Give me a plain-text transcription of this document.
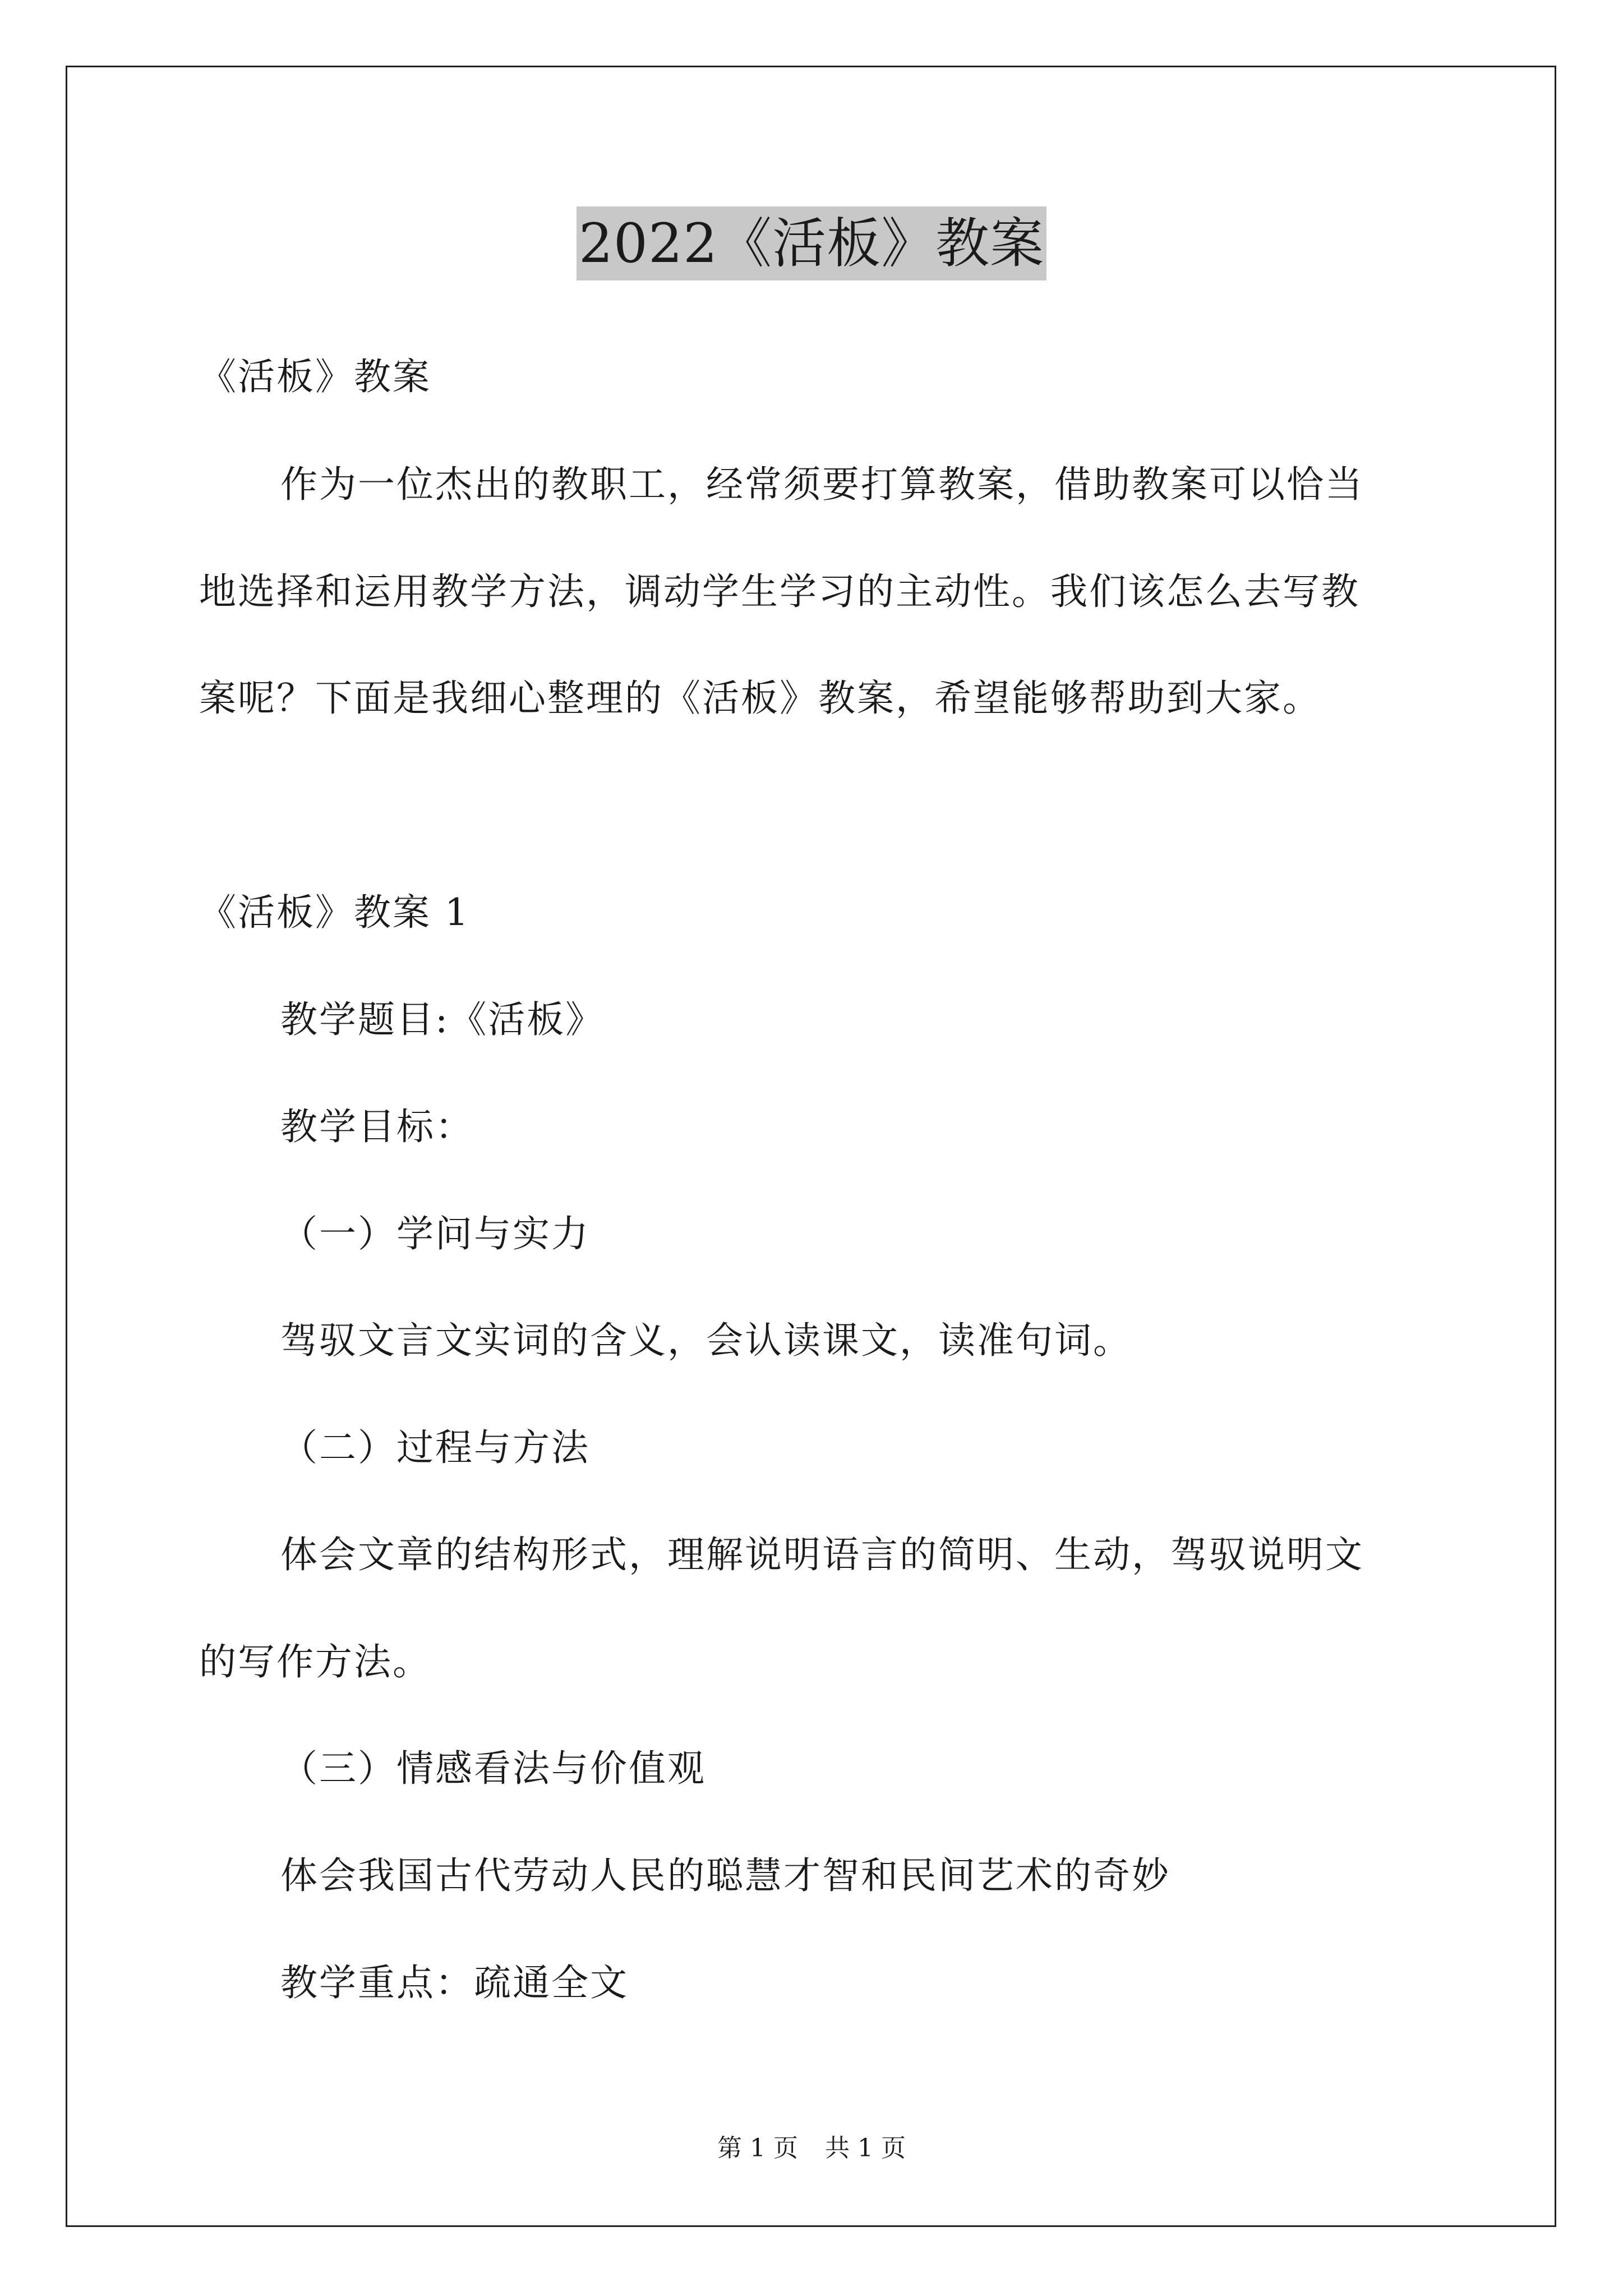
2022《活板》教案
《活板》教案
作为一位杰出的教职工，经常须要打算教案，借助教案可以恰当
地选择和运用教学方法，调动学生学习的主动性。我们该怎么去写教
案呢？下面是我细心整理的《活板》教案，希望能够帮助到大家。
《活板》教案 1
教学题目:《活板》
教学目标：
（一）学问与实力
驾驭文言文实词的含义，会认读课文，读准句词。
（二）过程与方法
体会文章的结构形式，理解说明语言的简明、生动，驾驭说明文
的写作方法。
（三）情感看法与价值观
体会我国古代劳动人民的聪慧才智和民间艺术的奇妙
教学重点：疏通全文
第 1 页 共 1 页
